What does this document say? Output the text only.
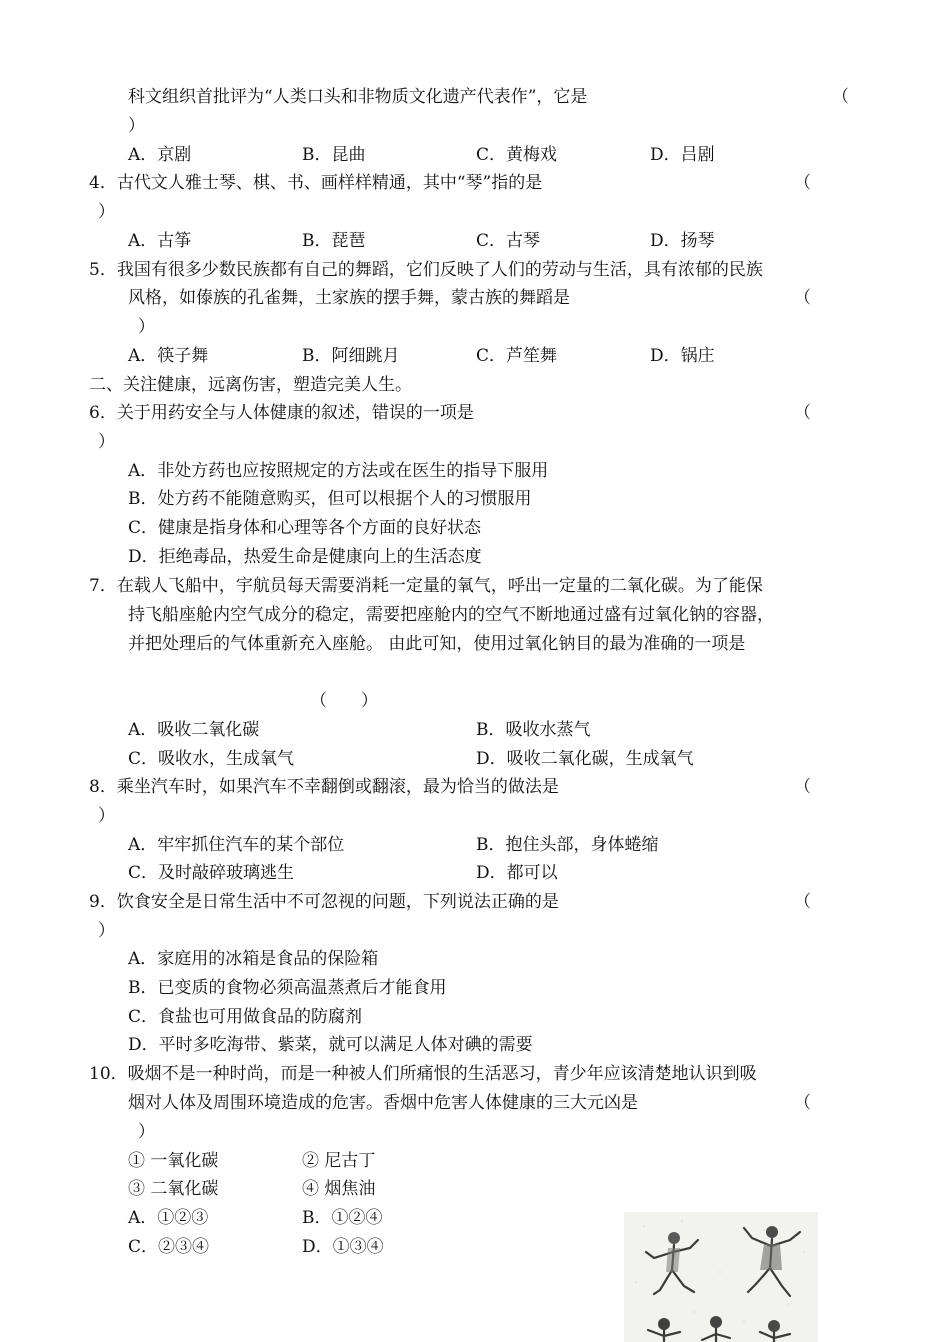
科文组织首批评为“人类口头和非物质文化遗产代表作”，它是	（
）
A．京剧	B．昆曲	C．黄梅戏	D．吕剧
4．古代文人雅士琴、棋、书、画样样精通，其中“琴”指的是	（
）
A．古筝	B．琵琶	C．古琴	D．扬琴
5．我国有很多少数民族都有自己的舞蹈，它们反映了人们的劳动与生活，具有浓郁的民族
风格，如傣族的孔雀舞，土家族的摆手舞，蒙古族的舞蹈是	（
）
A．筷子舞	B．阿细跳月	C．芦笙舞	D．锅庄
二、关注健康，远离伤害，塑造完美人生。
6．关于用药安全与人体健康的叙述，错误的一项是	（
）
A．非处方药也应按照规定的方法或在医生的指导下服用
B．处方药不能随意购买，但可以根据个人的习惯服用
C．健康是指身体和心理等各个方面的良好状态
D．拒绝毒品，热爱生命是健康向上的生活态度
7．在载人飞船中，宇航员每天需要消耗一定量的氧气，呼出一定量的二氧化碳。为了能保
持飞船座舱内空气成分的稳定，需要把座舱内的空气不断地通过盛有过氧化钠的容器，
并把处理后的气体重新充入座舱。 由此可知，使用过氧化钠目的最为准确的一项是
（　　）
A．吸收二氧化碳	B．吸收水蒸气
C．吸收水，生成氧气	D．吸收二氧化碳，生成氧气
8．乘坐汽车时，如果汽车不幸翻倒或翻滚，最为恰当的做法是	（
）
A．牢牢抓住汽车的某个部位	B．抱住头部，身体蜷缩
C．及时敲碎玻璃逃生	D．都可以
9．饮食安全是日常生活中不可忽视的问题，下列说法正确的是	（
）
A．家庭用的冰箱是食品的保险箱
B．已变质的食物必须高温蒸煮后才能食用
C．食盐也可用做食品的防腐剂
D．平时多吃海带、紫菜，就可以满足人体对碘的需要
10．吸烟不是一种时尚，而是一种被人们所痛恨的生活恶习，青少年应该清楚地认识到吸
烟对人体及周围环境造成的危害。香烟中危害人体健康的三大元凶是	（
）
① 一氧化碳	② 尼古丁
③ 二氧化碳	④ 烟焦油
A．①②③	B．①②④
C．②③④	D．①③④
